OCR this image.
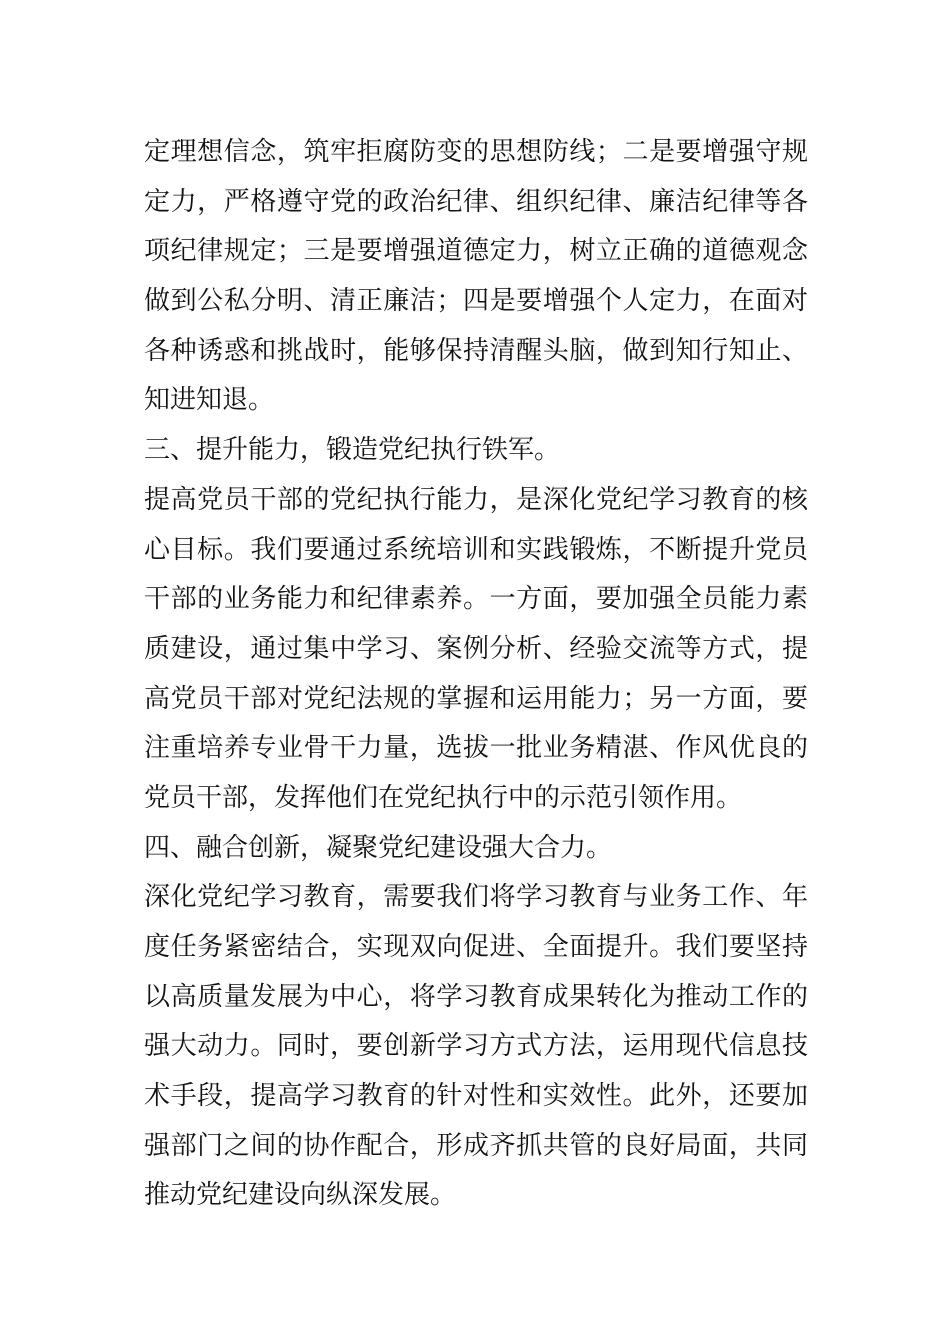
定理想信念，筑牢拒腐防变的思想防线；二是要增强守规
定力，严格遵守党的政治纪律、组织纪律、廉洁纪律等各
项纪律规定；三是要增强道德定力，树立正确的道德观念
做到公私分明、清正廉洁；四是要增强个人定力，在面对
各种诱惑和挑战时，能够保持清醒头脑，做到知行知止、
知进知退。
三、提升能力，锻造党纪执行铁军。
提高党员干部的党纪执行能力，是深化党纪学习教育的核
心目标。我们要通过系统培训和实践锻炼，不断提升党员
干部的业务能力和纪律素养。一方面，要加强全员能力素
质建设，通过集中学习、案例分析、经验交流等方式，提
高党员干部对党纪法规的掌握和运用能力；另一方面，要
注重培养专业骨干力量，选拔一批业务精湛、作风优良的
党员干部，发挥他们在党纪执行中的示范引领作用。
四、融合创新，凝聚党纪建设强大合力。
深化党纪学习教育，需要我们将学习教育与业务工作、年
度任务紧密结合，实现双向促进、全面提升。我们要坚持
以高质量发展为中心，将学习教育成果转化为推动工作的
强大动力。同时，要创新学习方式方法，运用现代信息技
术手段，提高学习教育的针对性和实效性。此外，还要加
强部门之间的协作配合，形成齐抓共管的良好局面，共同
推动党纪建设向纵深发展。
